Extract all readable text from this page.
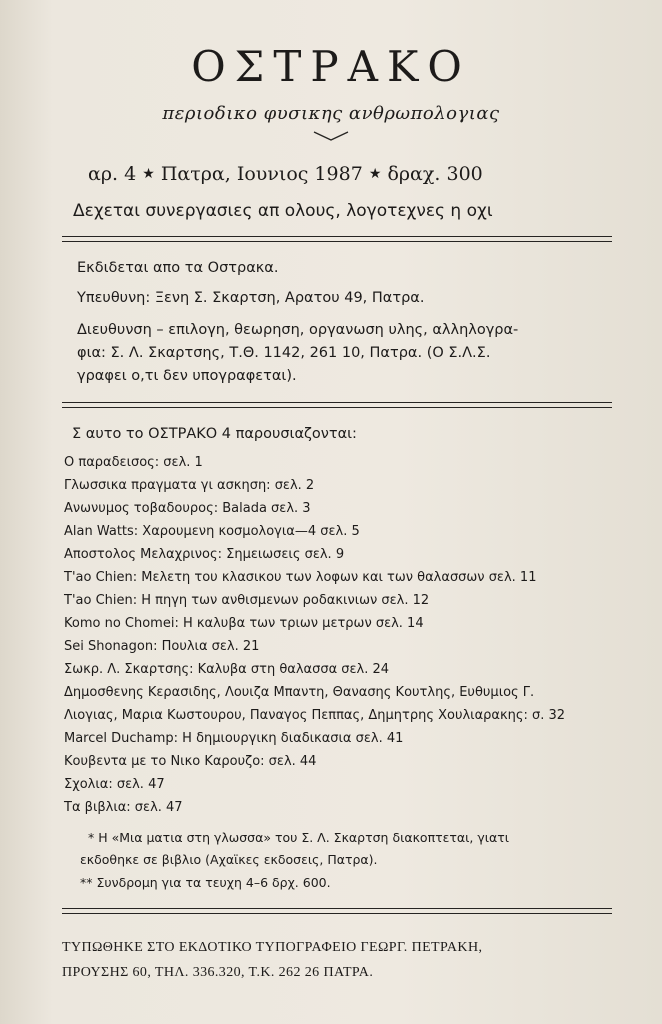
ΟΣΤΡΑΚΟ
περιοδικο φυσικης ανθρωπολογιας
αρ. 4 ★ Πατρα, Ιουνιος 1987 ★ δραχ. 300
Δεχεται συνεργασιες απ ολους, λογοτεχνες η οχι
Εκδιδεται απο τα Οστρακα.
Υπευθυνη: Ξενη Σ. Σκαρτση, Αρατου 49, Πατρα.
Διευθυνση – επιλογη, θεωρηση, οργανωση υλης, αλληλογρα-
φια: Σ. Λ. Σκαρτσης, Τ.Θ. 1142, 261 10, Πατρα. (Ο Σ.Λ.Σ.
γραφει ο,τι δεν υπογραφεται).
Σ αυτο το ΟΣΤΡΑΚΟ 4 παρουσιαζονται:
Ο παραδεισος: σελ. 1
Γλωσσικα πραγματα γι ασκηση: σελ. 2
Ανωνυμος τοβαδουρος: Balada σελ. 3
Alan Watts: Χαρουμενη κοσμολογια—4 σελ. 5
Αποστολος Μελαχρινος: Σημειωσεις σελ. 9
T'ao Chien: Μελετη του κλασικου των λοφων και των θαλασσων σελ. 11
T'ao Chien: Η πηγη των ανθισμενων ροδακινιων σελ. 12
Komo no Chomei: Η καλυβα των τριων μετρων σελ. 14
Sei Shonagon: Πουλια σελ. 21
Σωκρ. Λ. Σκαρτσης: Καλυβα στη θαλασσα σελ. 24
Δημοσθενης Κερασιδης, Λουιζα Μπαντη, Θανασης Κουτλης, Ευθυμιος Γ.
Λιογιας, Μαρια Κωστουρου, Παναγος Πεππας, Δημητρης Χουλιαρακης: σ. 32
Marcel Duchamp: Η δημιουργικη διαδικασια σελ. 41
Κουβεντα με το Νικο Καρουζο: σελ. 44
Σχολια: σελ. 47
Τα βιβλια: σελ. 47
* Η «Μια ματια στη γλωσσα» του Σ. Λ. Σκαρτση διακοπτεται, γιατι
εκδοθηκε σε βιβλιο (Αχαϊκες εκδοσεις, Πατρα).
** Συνδρομη για τα τευχη 4–6 δρχ. 600.
ΤΥΠΩΘΗΚΕ ΣΤΟ ΕΚΔΟΤΙΚΟ ΤΥΠΟΓΡΑΦΕΙΟ ΓΕΩΡΓ. ΠΕΤΡΑΚΗ,
ΠΡΟΥΣΗΣ 60, ΤΗΛ. 336.320, Τ.Κ. 262 26 ΠΑΤΡΑ.
